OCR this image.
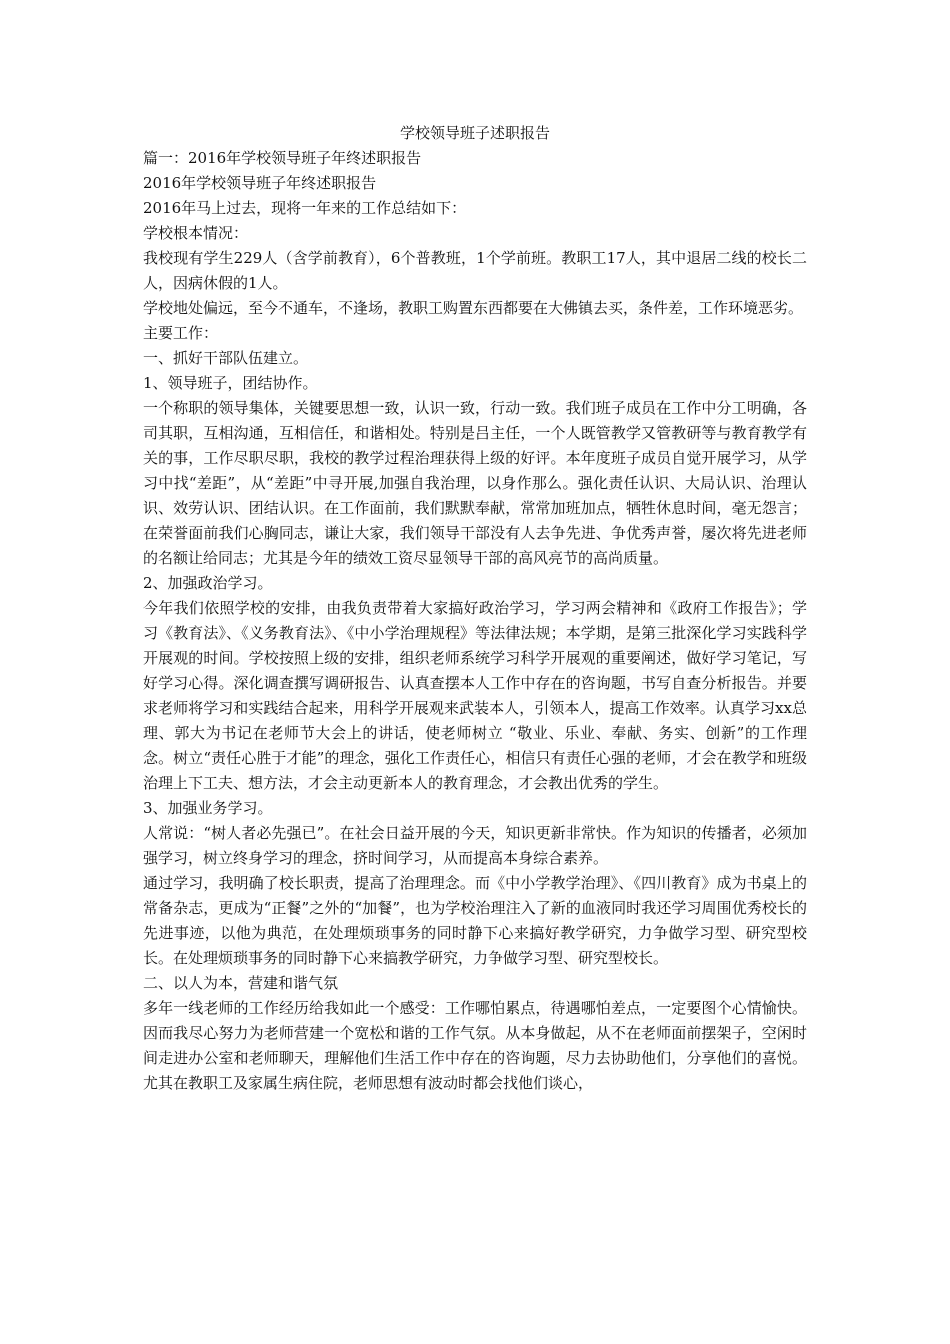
学校领导班子述职报告

篇一：2016年学校领导班子年终述职报告

2016年学校领导班子年终述职报告

2016年马上过去，现将一年来的工作总结如下：

学校根本情况：

我校现有学生229人（含学前教育），6个普教班，1个学前班。教职工17人，其中退居二线的校长二人，因病休假的1人。

学校地处偏远，至今不通车，不逢场，教职工购置东西都要在大佛镇去买，条件差，工作环境恶劣。

主要工作：

一、抓好干部队伍建立。

1、领导班子，团结协作。

一个称职的领导集体，关键要思想一致，认识一致，行动一致。我们班子成员在工作中分工明确，各司其职，互相沟通，互相信任，和谐相处。特别是吕主任，一个人既管教学又管教研等与教育教学有关的事，工作尽职尽职，我校的教学过程治理获得上级的好评。本年度班子成员自觉开展学习，从学习中找“差距”，从“差距”中寻开展,加强自我治理，以身作那么。强化责任认识、大局认识、治理认识、效劳认识、团结认识。在工作面前，我们默默奉献，常常加班加点，牺牲休息时间，毫无怨言；在荣誉面前我们心胸同志，谦让大家，我们领导干部没有人去争先进、争优秀声誉，屡次将先进老师的名额让给同志；尤其是今年的绩效工资尽显领导干部的高风亮节的高尚质量。

2、加强政治学习。

今年我们依照学校的安排，由我负责带着大家搞好政治学习，学习两会精神和《政府工作报告》；学习《教育法》、《义务教育法》、《中小学治理规程》等法律法规；本学期，是第三批深化学习实践科学开展观的时间。学校按照上级的安排，组织老师系统学习科学开展观的重要阐述，做好学习笔记，写好学习心得。深化调查撰写调研报告、认真查摆本人工作中存在的咨询题，书写自查分析报告。并要求老师将学习和实践结合起来，用科学开展观来武装本人，引领本人，提高工作效率。认真学习xx总理、郭大为书记在老师节大会上的讲话，使老师树立 “敬业、乐业、奉献、务实、创新”的工作理念。树立“责任心胜于才能”的理念，强化工作责任心，相信只有责任心强的老师，才会在教学和班级治理上下工夫、想方法，才会主动更新本人的教育理念，才会教出优秀的学生。

3、加强业务学习。

人常说：“树人者必先强已”。在社会日益开展的今天，知识更新非常快。作为知识的传播者，必须加强学习，树立终身学习的理念，挤时间学习，从而提高本身综合素养。

通过学习，我明确了校长职责，提高了治理理念。而《中小学教学治理》、《四川教育》成为书桌上的常备杂志，更成为“正餐”之外的“加餐”，也为学校治理注入了新的血液同时我还学习周围优秀校长的先进事迹，以他为典范，在处理烦琐事务的同时静下心来搞好教学研究，力争做学习型、研究型校长。在处理烦琐事务的同时静下心来搞教学研究，力争做学习型、研究型校长。

二、以人为本，营建和谐气氛

多年一线老师的工作经历给我如此一个感受：工作哪怕累点，待遇哪怕差点，一定要图个心情愉快。因而我尽心努力为老师营建一个宽松和谐的工作气氛。从本身做起，从不在老师面前摆架子，空闲时间走进办公室和老师聊天，理解他们生活工作中存在的咨询题，尽力去协助他们，分享他们的喜悦。尤其在教职工及家属生病住院，老师思想有波动时都会找他们谈心，
